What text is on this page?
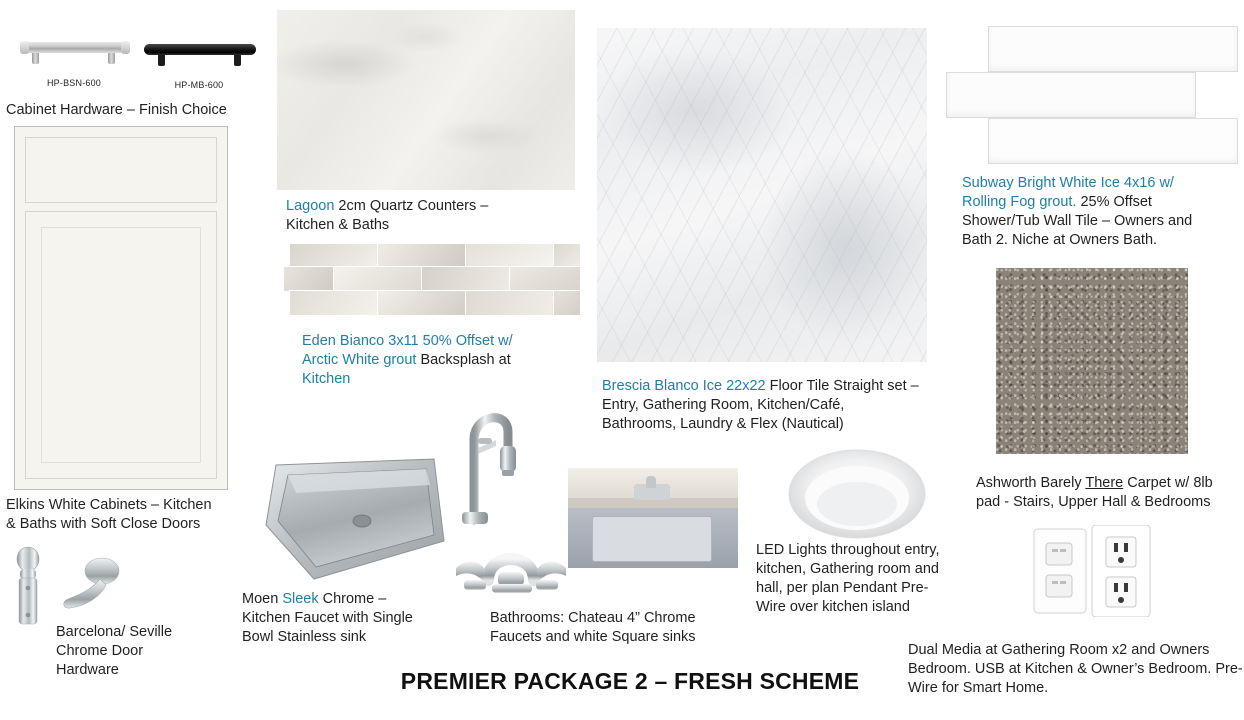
HP-BSN-600	HP-MB-600
Cabinet Hardware – Finish Choice
Elkins White Cabinets – Kitchen
& Baths with Soft Close Doors
Barcelona/ Seville
Chrome Door
Hardware
Lagoon 2cm Quartz Counters –
Kitchen & Baths
Eden Bianco 3x11 50% Offset w/
Arctic White grout Backsplash at
Kitchen	Brescia Blanco Ice 22x22 Floor Tile Straight set –
Entry, Gathering Room, Kitchen/Café,
Bathrooms, Laundry & Flex (Nautical)
Subway Bright White Ice 4x16 w/
Rolling Fog grout. 25% Offset
Shower/Tub Wall Tile – Owners and
Bath 2. Niche at Owners Bath.
Ashworth Barely There Carpet w/ 8lb
pad - Stairs, Upper Hall & Bedrooms
Moen Sleek Chrome –
Kitchen Faucet with Single
Bowl Stainless sink
Bathrooms: Chateau 4” Chrome
Faucets and white Square sinks
LED Lights throughout entry,
kitchen, Gathering room and
hall, per plan Pendant Pre-
Wire over kitchen island
Dual Media at Gathering Room x2 and Owners
Bedroom. USB at Kitchen & Owner’s Bedroom. Pre-
Wire for Smart Home.
PREMIER PACKAGE 2 – FRESH SCHEME
